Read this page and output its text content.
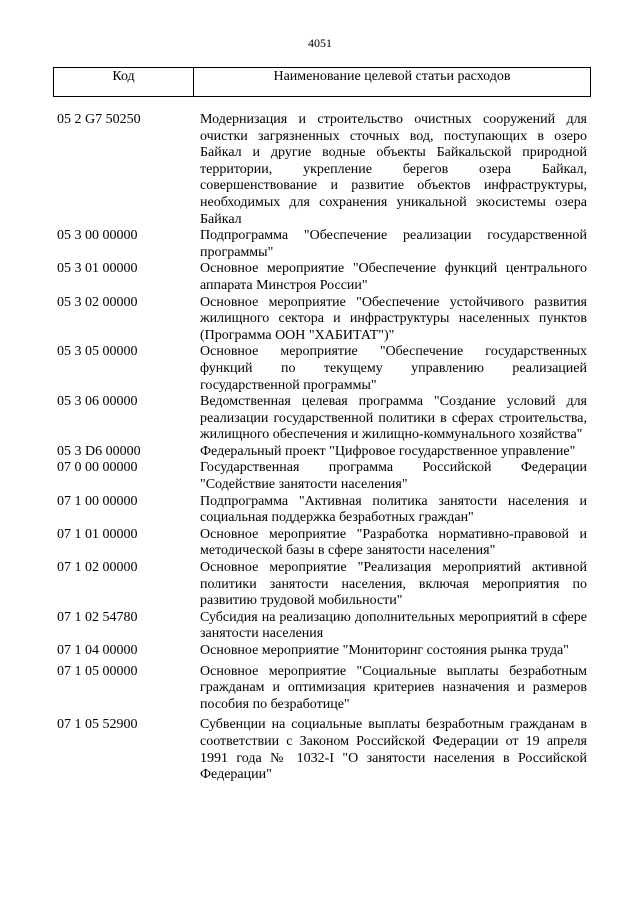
4051
Код	Наименование целевой статьи расходов
05 2 G7 50250	Модернизация и строительство очистных сооружений для очистки загрязненных сточных вод, поступающих в озеро Байкал и другие водные объекты Байкальской природной территории, укрепление берегов озера Байкал, совершенствование и развитие объектов инфраструктуры, необходимых для сохранения уникальной экосистемы озера Байкал
05 3 00 00000	Подпрограмма "Обеспечение реализации государственной программы"
05 3 01 00000	Основное мероприятие "Обеспечение функций центрального аппарата Минстроя России"
05 3 02 00000	Основное мероприятие "Обеспечение устойчивого развития жилищного сектора и инфраструктуры населенных пунктов (Программа ООН "ХАБИТАТ")"
05 3 05 00000	Основное мероприятие "Обеспечение государственных функций по текущему управлению реализацией государственной программы"
05 3 06 00000	Ведомственная целевая программа "Создание условий для реализации государственной политики в сферах строительства, жилищного обеспечения и жилищно-коммунального хозяйства"
05 3 D6 00000	Федеральный проект "Цифровое государственное управление"
07 0 00 00000	Государственная программа Российской Федерации "Содействие занятости населения"
07 1 00 00000	Подпрограмма "Активная политика занятости населения и социальная поддержка безработных граждан"
07 1 01 00000	Основное мероприятие "Разработка нормативно-правовой и методической базы в сфере занятости населения"
07 1 02 00000	Основное мероприятие "Реализация мероприятий активной политики занятости населения, включая мероприятия по развитию трудовой мобильности"
07 1 02 54780	Субсидия на реализацию дополнительных мероприятий в сфере занятости населения
07 1 04 00000	Основное мероприятие "Мониторинг состояния рынка труда"
07 1 05 00000	Основное мероприятие "Социальные выплаты безработным гражданам и оптимизация критериев назначения и размеров пособия по безработице"
07 1 05 52900	Субвенции на социальные выплаты безработным гражданам в соответствии с Законом Российской Федерации от 19 апреля 1991 года № 1032-I "О занятости населения в Российской Федерации"
